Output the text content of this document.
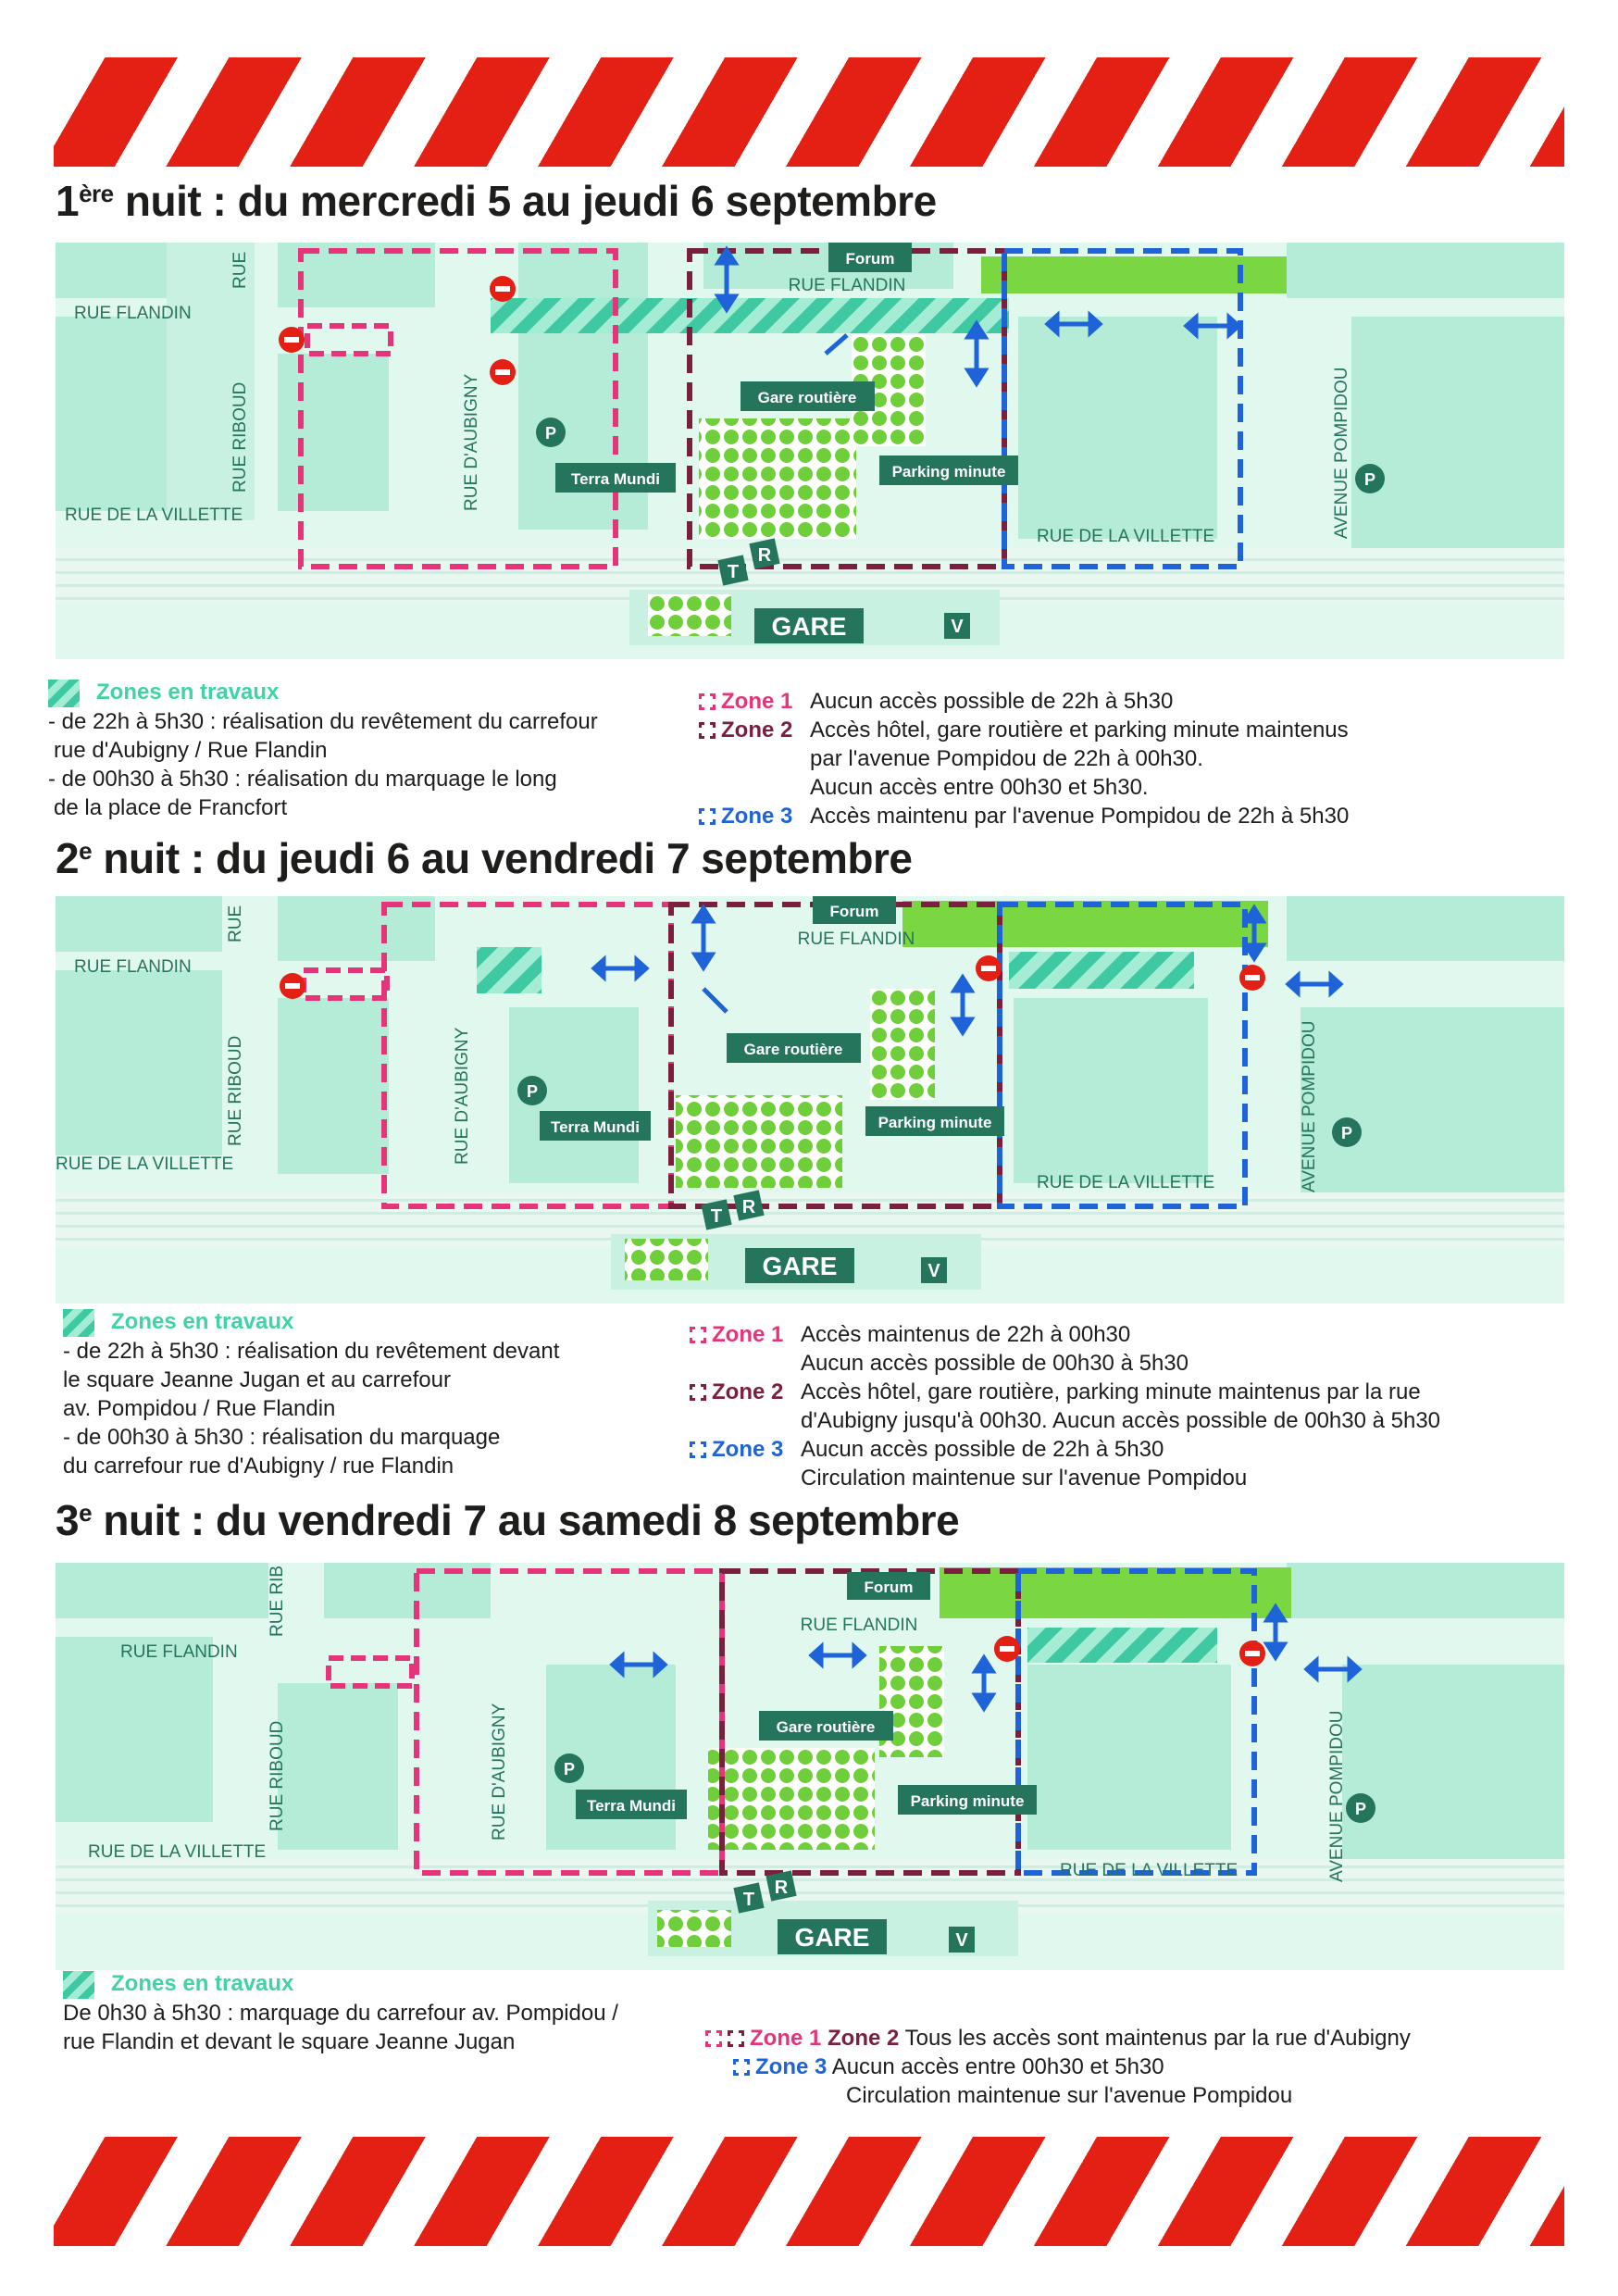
1ère nuit : du mercredi 5 au jeudi 6 septembre
Forum
RUE FLANDIN
RUE FLANDIN
Gare routière
Parking minute
Terra Mundi
P
P
RUE DE LA VILLETTE
RUE DE LA VILLETTE
RUE RIBOUD
RUE
RUE D'AUBIGNY	AVENUE POMPIDOU
T
R
GARE	V
Zones en travaux
- de 22h à 5h30 : réalisation du revêtement du carrefour
rue d'Aubigny / Rue Flandin
- de 00h30 à 5h30 : réalisation du marquage le long
de la place de Francfort
Zone 1 Aucun accès possible de 22h à 5h30
Zone 2 Accès hôtel, gare routière et parking minute maintenus
par l'avenue Pompidou de 22h à 00h30.
Aucun accès entre 00h30 et 5h30.
Zone 3 Accès maintenu par l'avenue Pompidou de 22h à 5h30
2e nuit : du jeudi 6 au vendredi 7 septembre
Forum
RUE FLANDIN
RUE FLANDIN
Gare routière
Parking minute
Terra Mundi
P
P
RUE DE LA VILLETTE
RUE DE LA VILLETTE
RUE RIBOUD
RUE
RUE D'AUBIGNY	AVENUE POMPIDOU
T R
GARE	V
Zones en travaux
- de 22h à 5h30 : réalisation du revêtement devant
le square Jeanne Jugan et au carrefour
av. Pompidou / Rue Flandin
- de 00h30 à 5h30 : réalisation du marquage
du carrefour rue d'Aubigny / rue Flandin
Zone 1 Accès maintenus de 22h à 00h30
Aucun accès possible de 00h30 à 5h30
Zone 2 Accès hôtel, gare routière, parking minute maintenus par la rue
d'Aubigny jusqu'à 00h30. Aucun accès possible de 00h30 à 5h30
Zone 3 Aucun accès possible de 22h à 5h30
Circulation maintenue sur l'avenue Pompidou
3e nuit : du vendredi 7 au samedi 8 septembre
Forum
RUE FLANDIN
RUE FLANDIN
Gare routière
Parking minute
Terra Mundi
P
P
RUE DE LA VILLETTE
RUE DE LA VILLETTE
RUE RIBOUD
RUE RIB
RUE D'AUBIGNY	AVENUE POMPIDOU
T
R
GARE	V
Zones en travaux
De 0h30 à 5h30 : marquage du carrefour av. Pompidou /
rue Flandin et devant le square Jeanne Jugan	Zone 1 Zone 2 Tous les accès sont maintenus par la rue d'Aubigny
Zone 3 Aucun accès entre 00h30 et 5h30
Circulation maintenue sur l'avenue Pompidou
